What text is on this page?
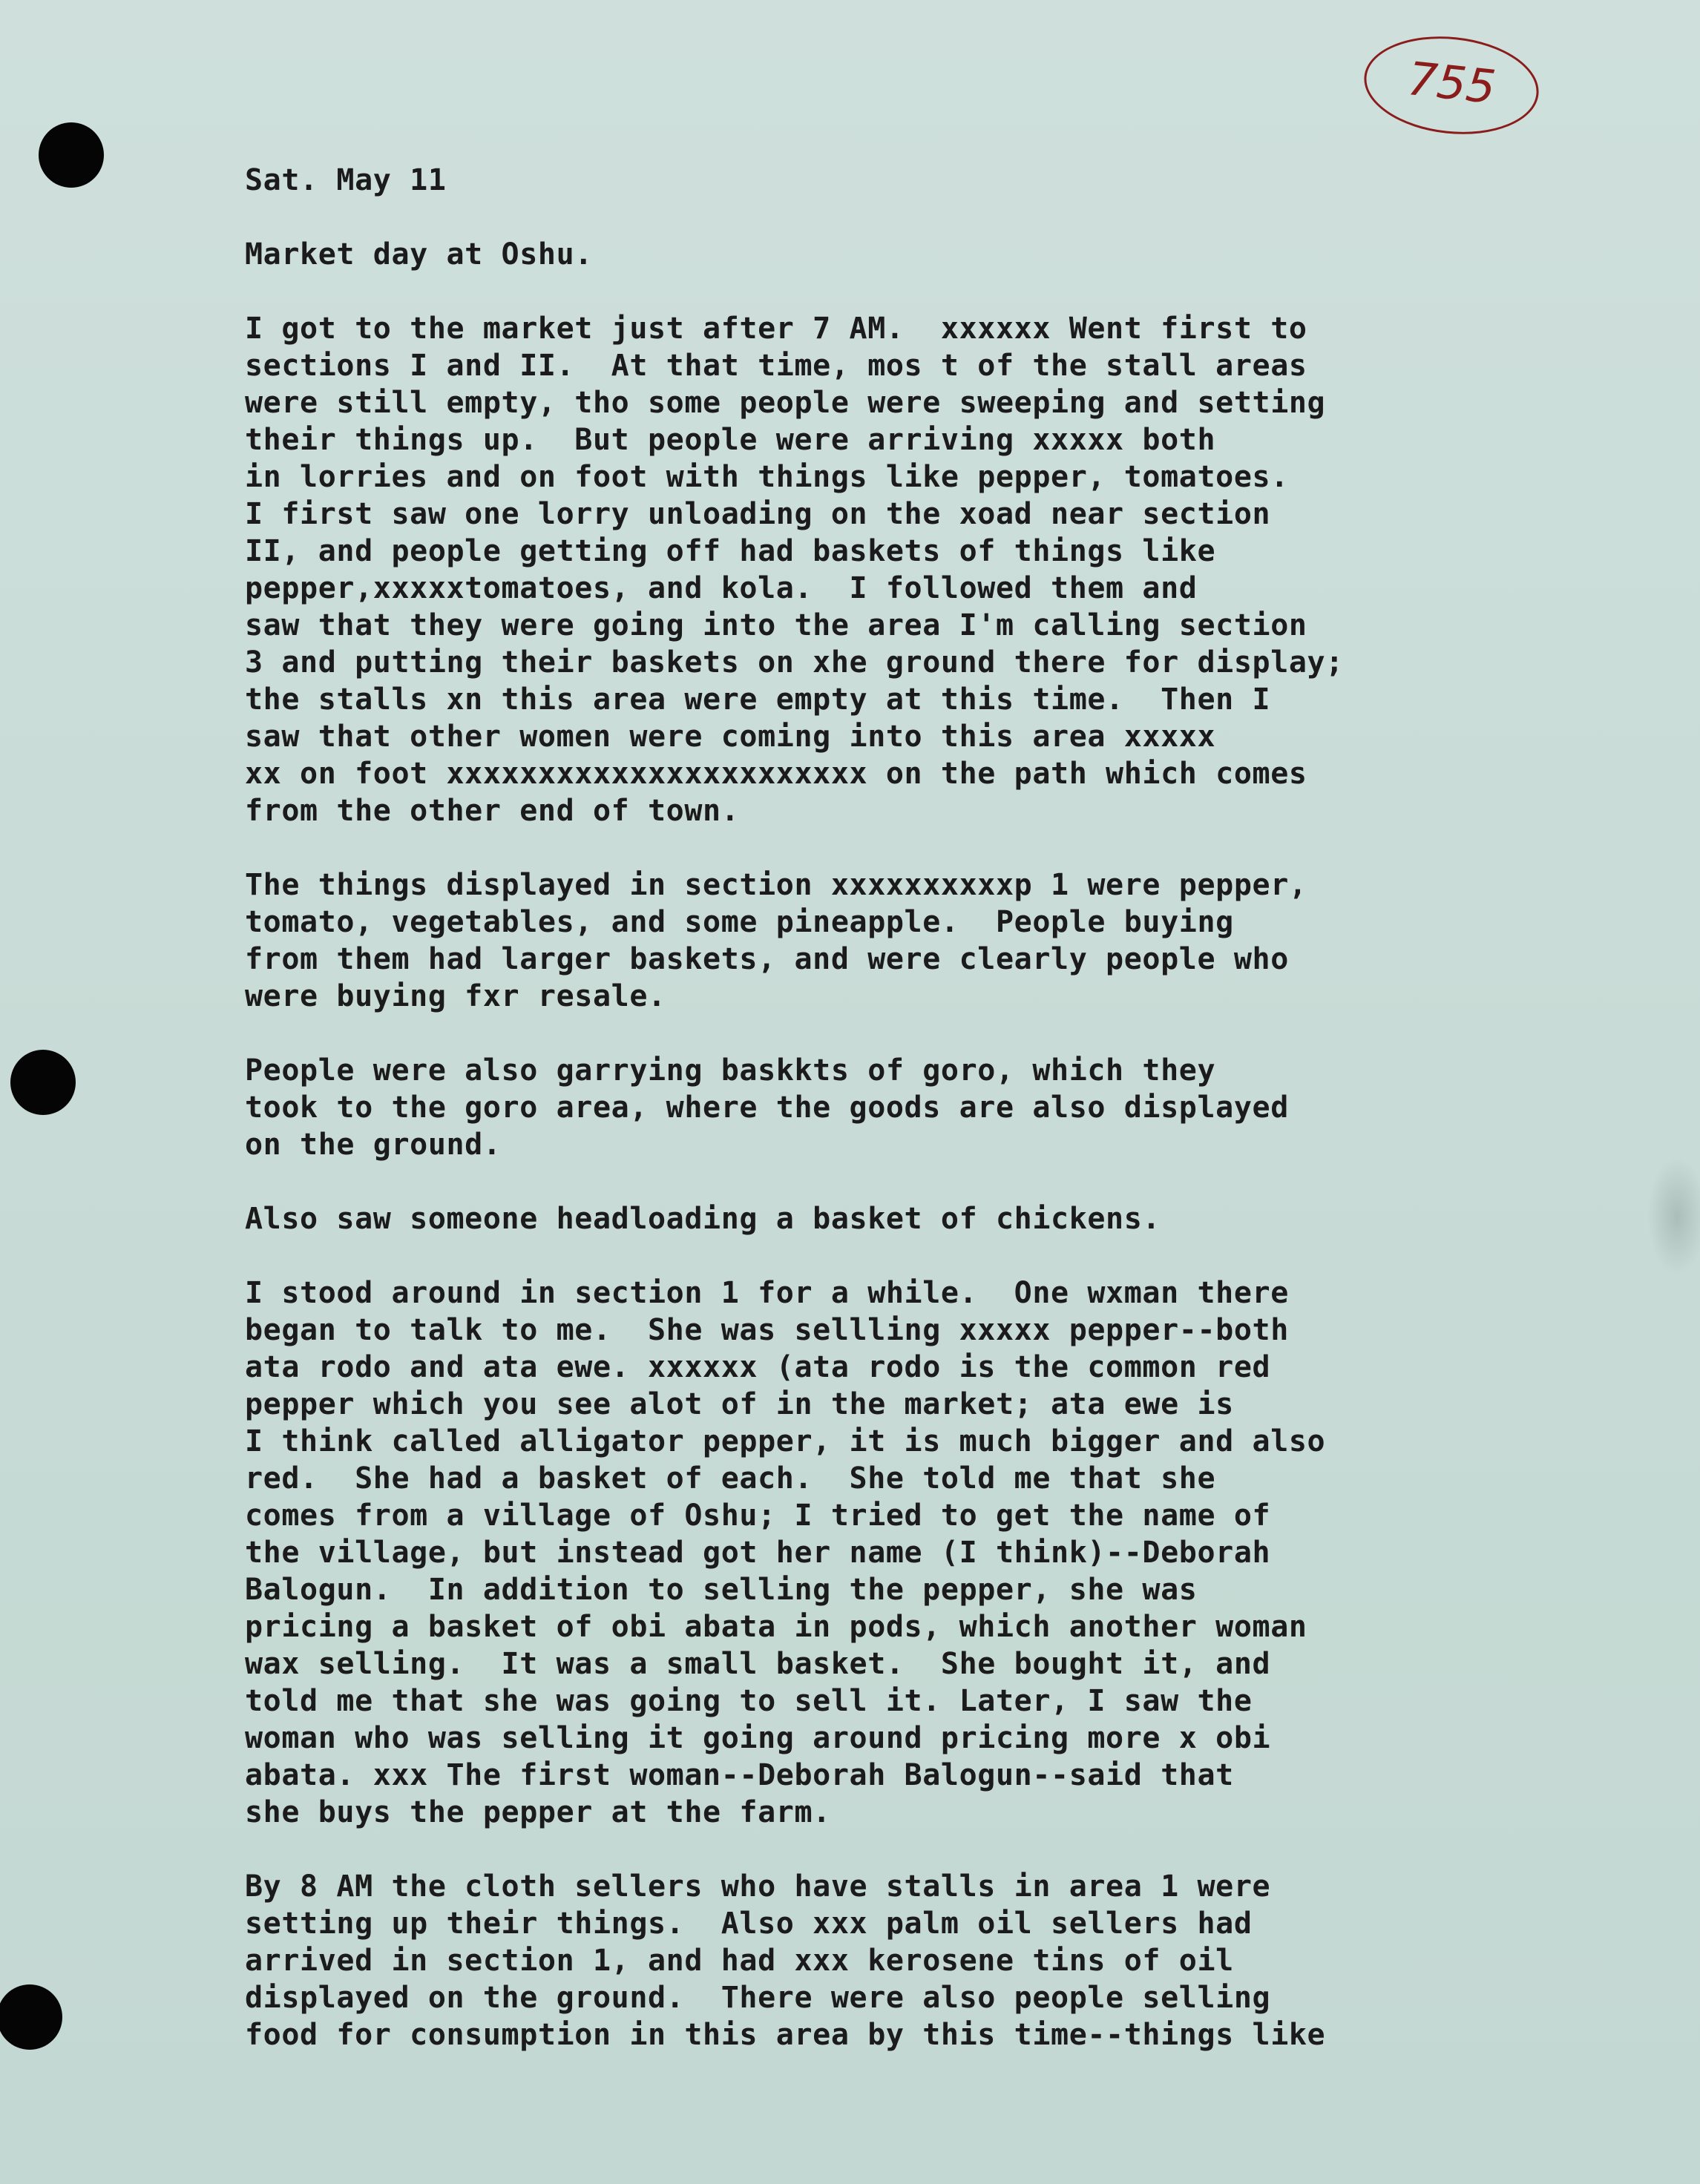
755
Sat. May 11
Market day at Oshu.
I got to the market just after 7 AM.  xxxxxx Went first to
sections I and II.  At that time, mos t of the stall areas
were still empty, tho some people were sweeping and setting
their things up.  But people were arriving xxxxx both
in lorries and on foot with things like pepper, tomatoes.
I first saw one lorry unloading on the xoad near section
II, and people getting off had baskets of things like
pepper,xxxxxtomatoes, and kola.  I followed them and
saw that they were going into the area I'm calling section
3 and putting their baskets on xhe ground there for display;
the stalls xn this area were empty at this time.  Then I
saw that other women were coming into this area xxxxx
xx on foot xxxxxxxxxxxxxxxxxxxxxxx on the path which comes
from the other end of town.
The things displayed in section xxxxxxxxxxp 1 were pepper,
tomato, vegetables, and some pineapple.  People buying
from them had larger baskets, and were clearly people who
were buying fxr resale.
People were also garrying baskkts of goro, which they
took to the goro area, where the goods are also displayed
on the ground.
Also saw someone headloading a basket of chickens.
I stood around in section 1 for a while.  One wxman there
began to talk to me.  She was sellling xxxxx pepper--both
ata rodo and ata ewe. xxxxxx (ata rodo is the common red
pepper which you see alot of in the market; ata ewe is
I think called alligator pepper, it is much bigger and also
red.  She had a basket of each.  She told me that she
comes from a village of Oshu; I tried to get the name of
the village, but instead got her name (I think)--Deborah
Balogun.  In addition to selling the pepper, she was
pricing a basket of obi abata in pods, which another woman
wax selling.  It was a small basket.  She bought it, and
told me that she was going to sell it. Later, I saw the
woman who was selling it going around pricing more x obi
abata. xxx The first woman--Deborah Balogun--said that
she buys the pepper at the farm.
By 8 AM the cloth sellers who have stalls in area 1 were
setting up their things.  Also xxx palm oil sellers had
arrived in section 1, and had xxx kerosene tins of oil
displayed on the ground.  There were also people selling
food for consumption in this area by this time--things like
